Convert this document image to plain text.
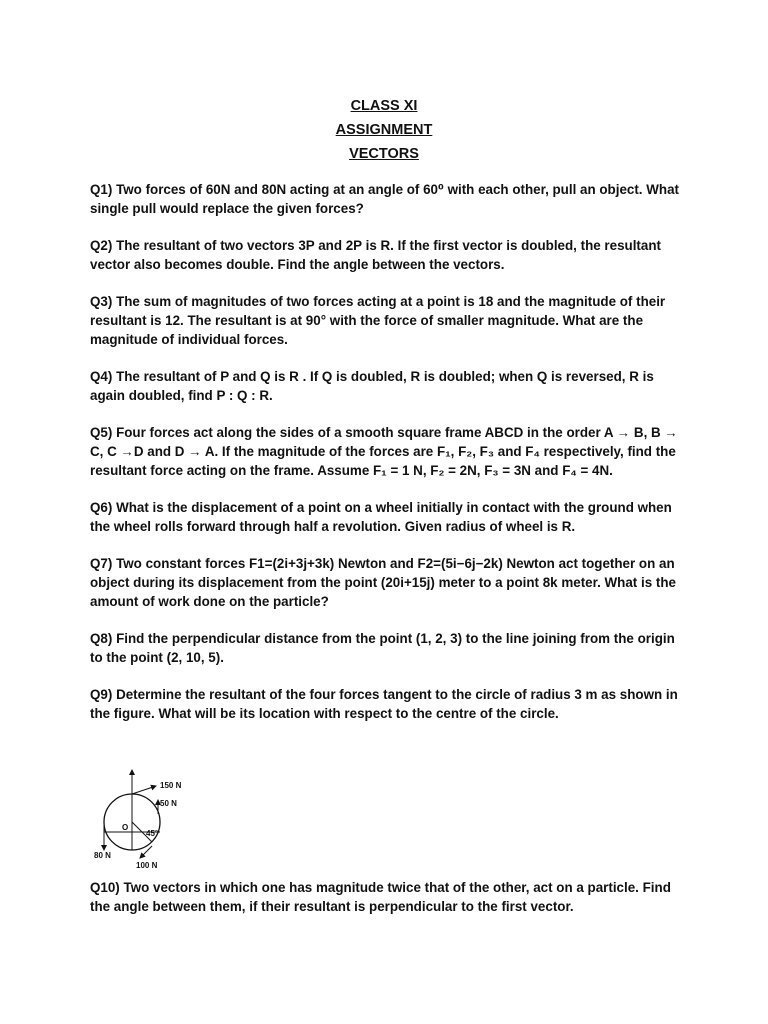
CLASS XI
ASSIGNMENT
VECTORS

Q1) Two forces of 60N and 80N acting at an angle of 60⁰ with each other, pull an object. What single pull would replace the given forces?

Q2) The resultant of two vectors 3P and 2P is R. If the first vector is doubled, the resultant vector also becomes double. Find the angle between the vectors.

Q3) The sum of magnitudes of two forces acting at a point is 18 and the magnitude of their resultant is 12. The resultant is at 90° with the force of smaller magnitude. What are the magnitude of individual forces.

Q4) The resultant of P and Q is R . If Q is doubled, R is doubled; when Q is reversed, R is again doubled, find P : Q : R.

Q5) Four forces act along the sides of a smooth square frame ABCD in the order A → B, B → C, C →D and D → A. If the magnitude of the forces are F₁, F₂, F₃ and F₄ respectively, find the resultant force acting on the frame. Assume F₁ = 1 N, F₂ = 2N, F₃ = 3N and F₄ = 4N.

Q6) What is the displacement of a point on a wheel initially in contact with the ground when the wheel rolls forward through half a revolution. Given radius of wheel is R.

Q7) Two constant forces F1=(2i+3j+3k) Newton and F2=(5i−6j−2k) Newton act together on an object during its displacement from the point (20i+15j) meter to a point 8k meter. What is the amount of work done on the particle?

Q8) Find the perpendicular distance from the point (1, 2, 3) to the line joining from the origin to the point (2, 10, 5).

Q9) Determine the resultant of the four forces tangent to the circle of radius 3 m as shown in the figure. What will be its location with respect to the centre of the circle.

150 N
50 N
80 N
100 N
O
45°

Q10) Two vectors in which one has magnitude twice that of the other, act on a particle. Find the angle between them, if their resultant is perpendicular to the first vector.
